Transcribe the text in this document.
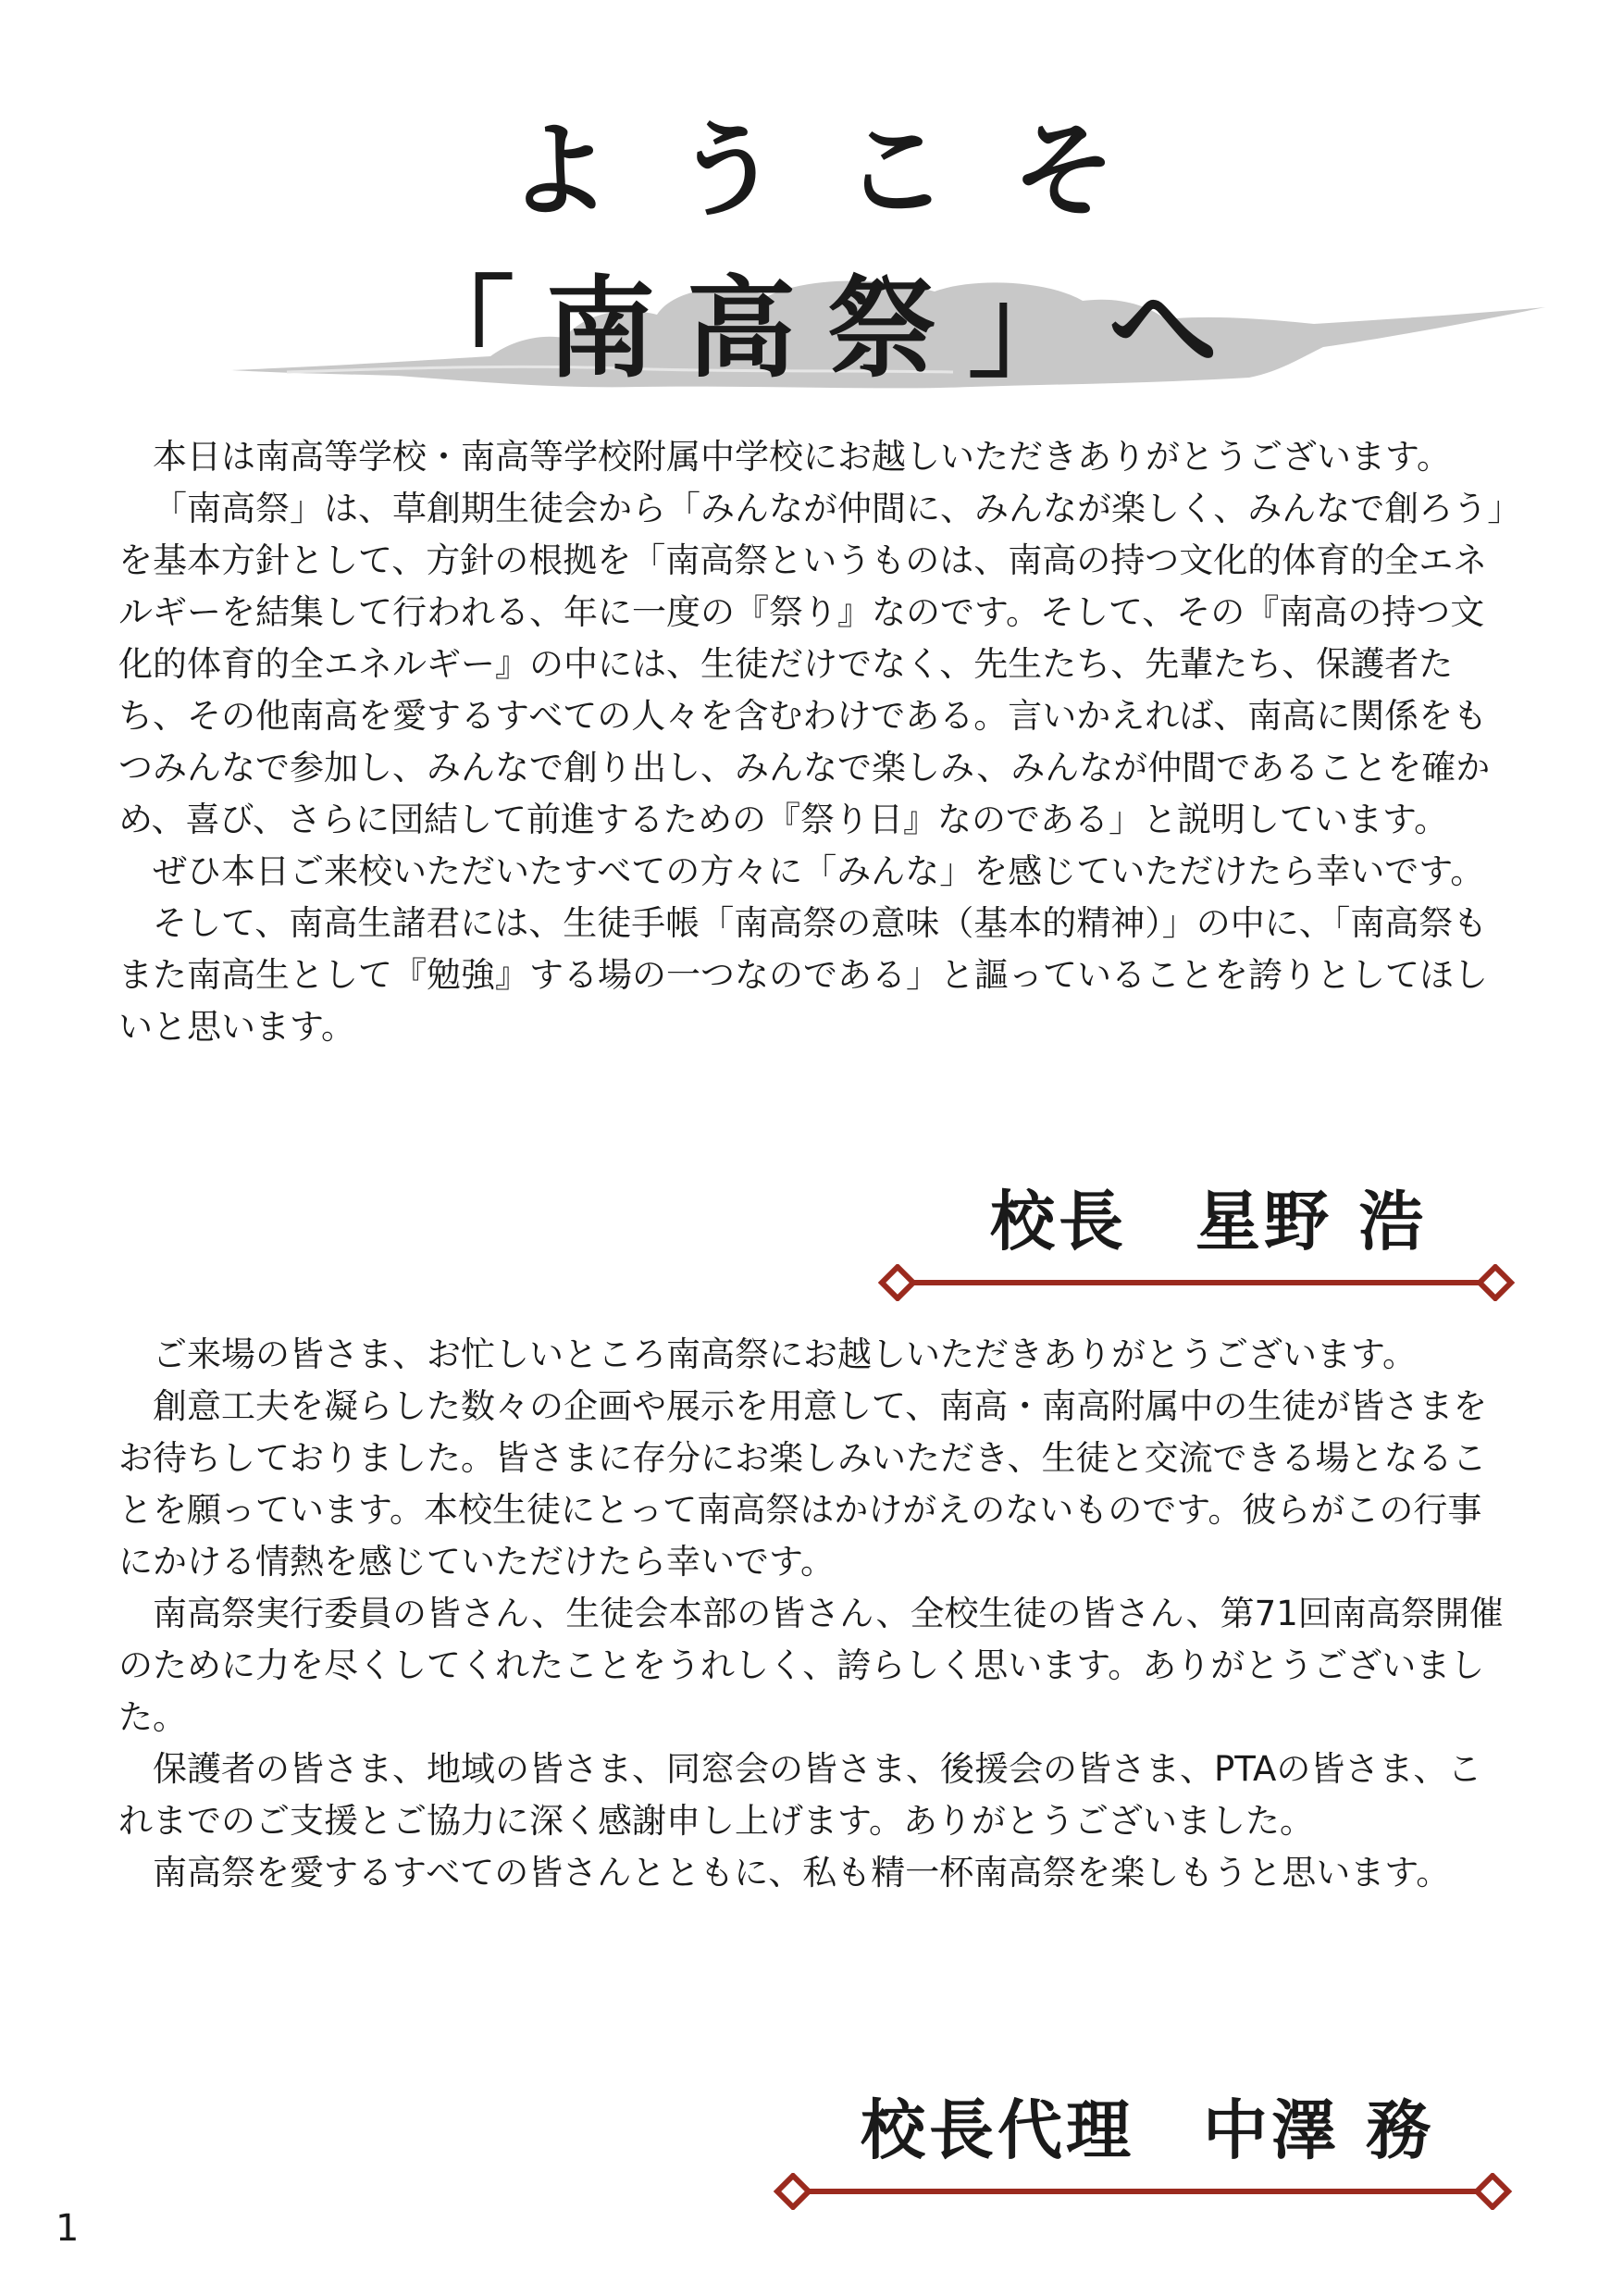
ようこそ
「南高祭」へ

本日は南高等学校・南高等学校附属中学校にお越しいただきありがとうございます。

「南高祭」は、草創期生徒会から「みんなが仲間に、みんなが楽しく、みんなで創ろう」を基本方針として、方針の根拠を「南高祭というものは、南高の持つ文化的体育的全エネルギーを結集して行われる、年に一度の『祭り』なのです。そして、その『南高の持つ文化的体育的全エネルギー』の中には、生徒だけでなく、先生たち、先輩たち、保護者たち、その他南高を愛するすべての人々を含むわけである。言いかえれば、南高に関係をもつみんなで参加し、みんなで創り出し、みんなで楽しみ、みんなが仲間であることを確かめ、喜び、さらに団結して前進するための『祭り日』なのである」と説明しています。

ぜひ本日ご来校いただいたすべての方々に「みんな」を感じていただけたら幸いです。

そして、南高生諸君には、生徒手帳「南高祭の意味（基本的精神）」の中に、「南高祭もまた南高生として『勉強』する場の一つなのである」と謳っていることを誇りとしてほしいと思います。

校長　星野 浩

ご来場の皆さま、お忙しいところ南高祭にお越しいただきありがとうございます。

創意工夫を凝らした数々の企画や展示を用意して、南高・南高附属中の生徒が皆さまをお待ちしておりました。皆さまに存分にお楽しみいただき、生徒と交流できる場となることを願っています。本校生徒にとって南高祭はかけがえのないものです。彼らがこの行事にかける情熱を感じていただけたら幸いです。

南高祭実行委員の皆さん、生徒会本部の皆さん、全校生徒の皆さん、第71回南高祭開催のために力を尽くしてくれたことをうれしく、誇らしく思います。ありがとうございました。

保護者の皆さま、地域の皆さま、同窓会の皆さま、後援会の皆さま、PTAの皆さま、これまでのご支援とご協力に深く感謝申し上げます。ありがとうございました。

南高祭を愛するすべての皆さんとともに、私も精一杯南高祭を楽しもうと思います。

校長代理　中澤 務
1
